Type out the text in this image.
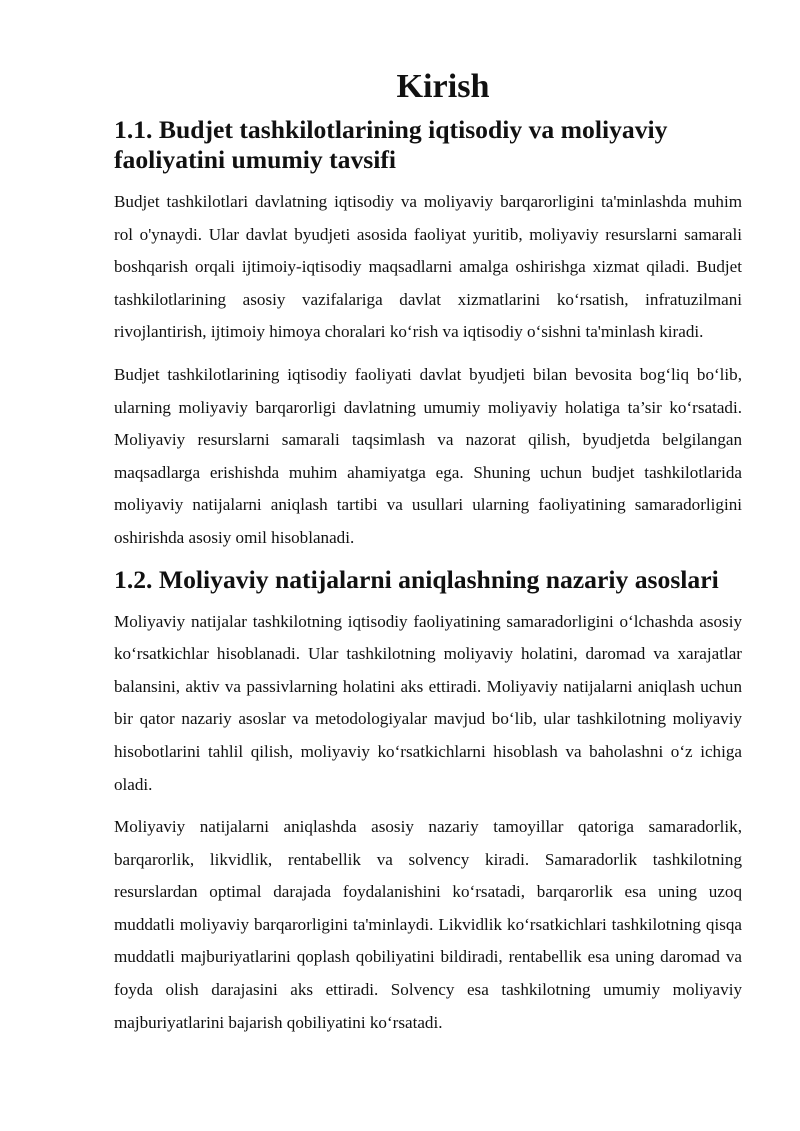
Kirish
1.1. Budjet tashkilotlarining iqtisodiy va moliyaviy faoliyatini umumiy tavsifi

Budjet tashkilotlari davlatning iqtisodiy va moliyaviy barqarorligini ta'minlashda muhim rol o'ynaydi. Ular davlat byudjeti asosida faoliyat yuritib, moliyaviy resurslarni samarali boshqarish orqali ijtimoiy-iqtisodiy maqsadlarni amalga oshirishga xizmat qiladi. Budjet tashkilotlarining asosiy vazifalariga davlat xizmatlarini ko‘rsatish, infratuzilmani rivojlantirish, ijtimoiy himoya choralari ko‘rish va iqtisodiy o‘sishni ta'minlash kiradi.

Budjet tashkilotlarining iqtisodiy faoliyati davlat byudjeti bilan bevosita bog‘liq bo‘lib, ularning moliyaviy barqarorligi davlatning umumiy moliyaviy holatiga ta’sir ko‘rsatadi. Moliyaviy resurslarni samarali taqsimlash va nazorat qilish, byudjetda belgilangan maqsadlarga erishishda muhim ahamiyatga ega. Shuning uchun budjet tashkilotlarida moliyaviy natijalarni aniqlash tartibi va usullari ularning faoliyatining samaradorligini oshirishda asosiy omil hisoblanadi.

1.2. Moliyaviy natijalarni aniqlashning nazariy asoslari

Moliyaviy natijalar tashkilotning iqtisodiy faoliyatining samaradorligini o‘lchashda asosiy ko‘rsatkichlar hisoblanadi. Ular tashkilotning moliyaviy holatini, daromad va xarajatlar balansini, aktiv va passivlarning holatini aks ettiradi. Moliyaviy natijalarni aniqlash uchun bir qator nazariy asoslar va metodologiyalar mavjud bo‘lib, ular tashkilotning moliyaviy hisobotlarini tahlil qilish, moliyaviy ko‘rsatkichlarni hisoblash va baholashni o‘z ichiga oladi.

Moliyaviy natijalarni aniqlashda asosiy nazariy tamoyillar qatoriga samaradorlik, barqarorlik, likvidlik, rentabellik va solvency kiradi. Samaradorlik tashkilotning resurslardan optimal darajada foydalanishini ko‘rsatadi, barqarorlik esa uning uzoq muddatli moliyaviy barqarorligini ta'minlaydi. Likvidlik ko‘rsatkichlari tashkilotning qisqa muddatli majburiyatlarini qoplash qobiliyatini bildiradi, rentabellik esa uning daromad va foyda olish darajasini aks ettiradi. Solvency esa tashkilotning umumiy moliyaviy majburiyatlarini bajarish qobiliyatini ko‘rsatadi.
